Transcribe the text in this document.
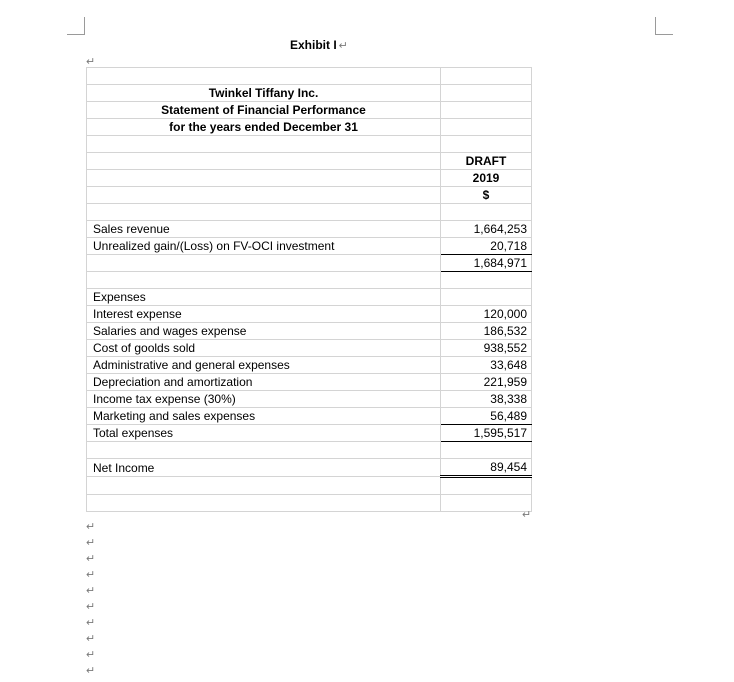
Exhibit I ↵
↵

Twinkel Tiffany Inc.	
Statement of Financial Performance	
for the years ended December 31	

	DRAFT
	2019
	$

Sales revenue	1,664,253
Unrealized gain/(Loss) on FV-OCI investment	20,718
	1,684,971

Expenses	
Interest expense	120,000
Salaries and wages expense	186,532
Cost of goolds sold	938,552
Administrative and general expenses	33,648
Depreciation and amortization	221,959
Income tax expense (30%)	38,338
Marketing and sales expenses	56,489
Total expenses	1,595,517

Net Income	89,454

↵
↵
↵
↵
↵
↵
↵
↵
↵
↵
↵
